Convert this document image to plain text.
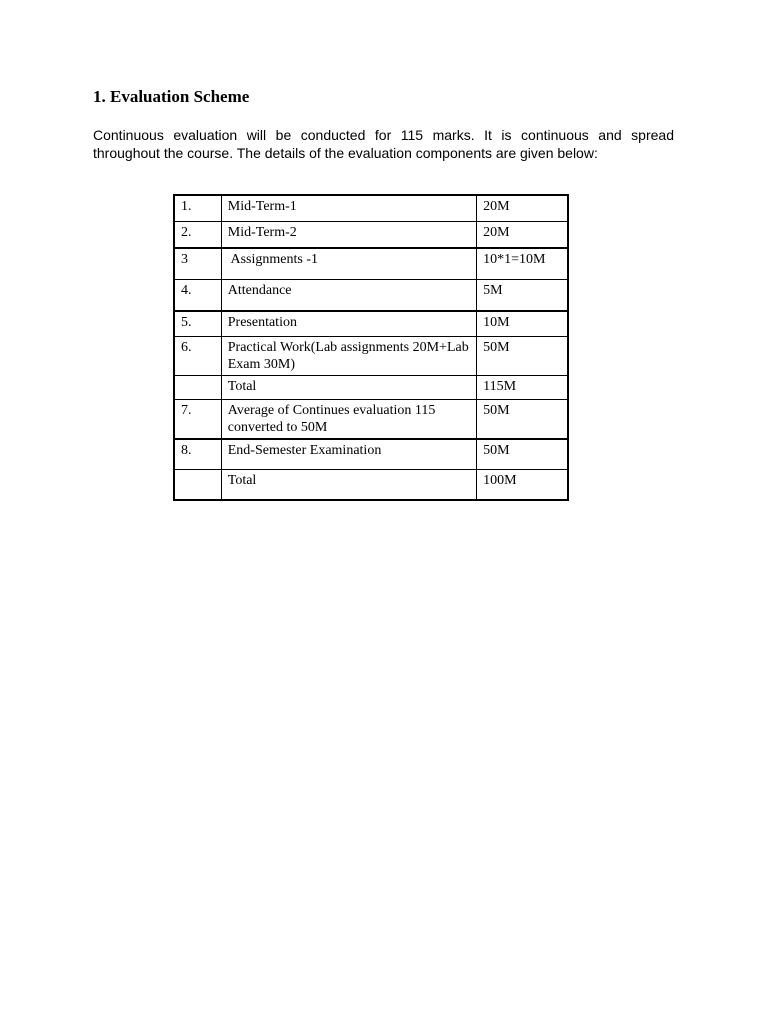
1. Evaluation Scheme

Continuous evaluation will be conducted for 115 marks. It is continuous and spread throughout the course. The details of the evaluation components are given below:

1.	Mid-Term-1	20M
2.	Mid-Term-2	20M
3	Assignments -1	10*1=10M
4.	Attendance	5M
5.	Presentation	10M
6.	Practical Work(Lab assignments 20M+Lab Exam 30M)	50M
	Total	115M
7.	Average of Continues evaluation 115 converted to 50M	50M
8.	End-Semester Examination	50M
	Total	100M
